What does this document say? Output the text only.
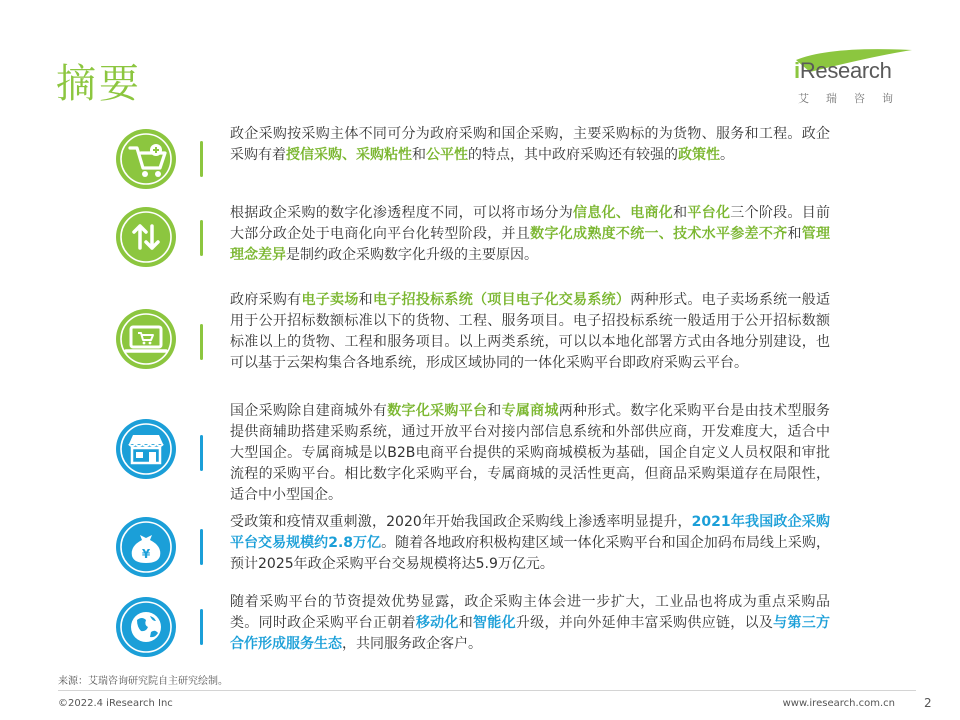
摘要	iResearch
艾瑞咨询

政企采购按采购主体不同可分为政府采购和国企采购，主要采购标的为货物、服务和工程。政企采购有着授信采购、采购粘性和公平性的特点，其中政府采购还有较强的政策性。

根据政企采购的数字化渗透程度不同，可以将市场分为信息化、电商化和平台化三个阶段。目前大部分政企处于电商化向平台化转型阶段，并且数字化成熟度不统一、技术水平参差不齐和管理理念差异是制约政企采购数字化升级的主要原因。

政府采购有电子卖场和电子招投标系统（项目电子化交易系统）两种形式。电子卖场系统一般适用于公开招标数额标准以下的货物、工程、服务项目。电子招投标系统一般适用于公开招标数额标准以上的货物、工程和服务项目。以上两类系统，可以以本地化部署方式由各地分别建设，也可以基于云架构集合各地系统，形成区域协同的一体化采购平台即政府采购云平台。

国企采购除自建商城外有数字化采购平台和专属商城两种形式。数字化采购平台是由技术型服务提供商辅助搭建采购系统，通过开放平台对接内部信息系统和外部供应商，开发难度大，适合中大型国企。专属商城是以B2B电商平台提供的采购商城模板为基础，国企自定义人员权限和审批流程的采购平台。相比数字化采购平台，专属商城的灵活性更高，但商品采购渠道存在局限性，适合中小型国企。

¥

受政策和疫情双重刺激，2020年开始我国政企采购线上渗透率明显提升，2021年我国政企采购平台交易规模约2.8万亿。随着各地政府积极构建区域一体化采购平台和国企加码布局线上采购，预计2025年政企采购平台交易规模将达5.9万亿元。

随着采购平台的节资提效优势显露，政企采购主体会进一步扩大，工业品也将成为重点采购品类。同时政企采购平台正朝着移动化和智能化升级，并向外延伸丰富采购供应链，以及与第三方合作形成服务生态，共同服务政企客户。

来源：艾瑞咨询研究院自主研究绘制。
©2022.4 iResearch Inc	www.iresearch.com.cn 2
